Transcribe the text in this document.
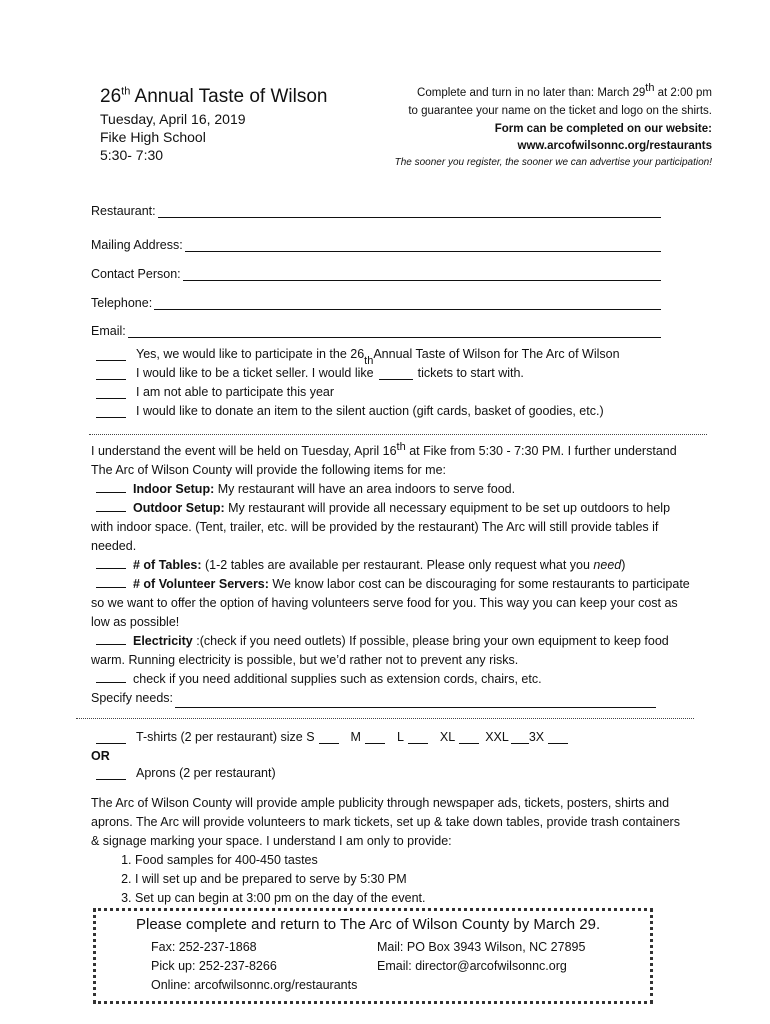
26th Annual Taste of Wilson
Tuesday, April 16, 2019
Fike High School
5:30- 7:30
Complete and turn in no later than: March 29th at 2:00 pm
to guarantee your name on the ticket and logo on the shirts.
Form can be completed on our website:
www.arcofwilsonnc.org/restaurants
The sooner you register, the sooner we can advertise your participation!
Restaurant:
Mailing Address:
Contact Person:
Telephone:
Email:
Yes, we would like to participate in the 26 th Annual Taste of Wilson for The Arc of Wilson
I would like to be a ticket seller. I would like	tickets to start with.
I am not able to participate this year
I would like to donate an item to the silent auction (gift cards, basket of goodies, etc.)

I understand the event will be held on Tuesday, April 16th at Fike from 5:30 - 7:30 PM. I further understand The Arc of Wilson County will provide the following items for me:

Indoor Setup: My restaurant will have an area indoors to serve food.

Outdoor Setup: My restaurant will provide all necessary equipment to be set up outdoors to help with indoor space. (Tent, trailer, etc. will be provided by the restaurant) The Arc will still provide tables if needed.

# of Tables: (1-2 tables are available per restaurant. Please only request what you need)

# of Volunteer Servers: We know labor cost can be discouraging for some restaurants to participate so we want to offer the option of having volunteers serve food for you. This way you can keep your cost as low as possible!

Electricity :(check if you need outlets) If possible, please bring your own equipment to keep food warm. Running electricity is possible, but we’d rather not to prevent any risks.

check if you need additional supplies such as extension cords, chairs, etc.

Specify needs:

T-shirts (2 per restaurant) size S	M	L	XL XXL 3X
OR
Aprons (2 per restaurant)

The Arc of Wilson County will provide ample publicity through newspaper ads, tickets, posters, shirts and aprons. The Arc will provide volunteers to mark tickets, set up & take down tables, provide trash containers & signage marking your space. I understand I am only to provide:

1. Food samples for 400-450 tastes
2. I will set up and be prepared to serve by 5:30 PM
3. Set up can begin at 3:00 pm on the day of the event.
Please complete and return to The Arc of Wilson County by March 29.
Fax: 252-237-1868	Mail: PO Box 3943 Wilson, NC 27895
Pick up: 252-237-8266	Email: director@arcofwilsonnc.org
Online: arcofwilsonnc.org/restaurants
